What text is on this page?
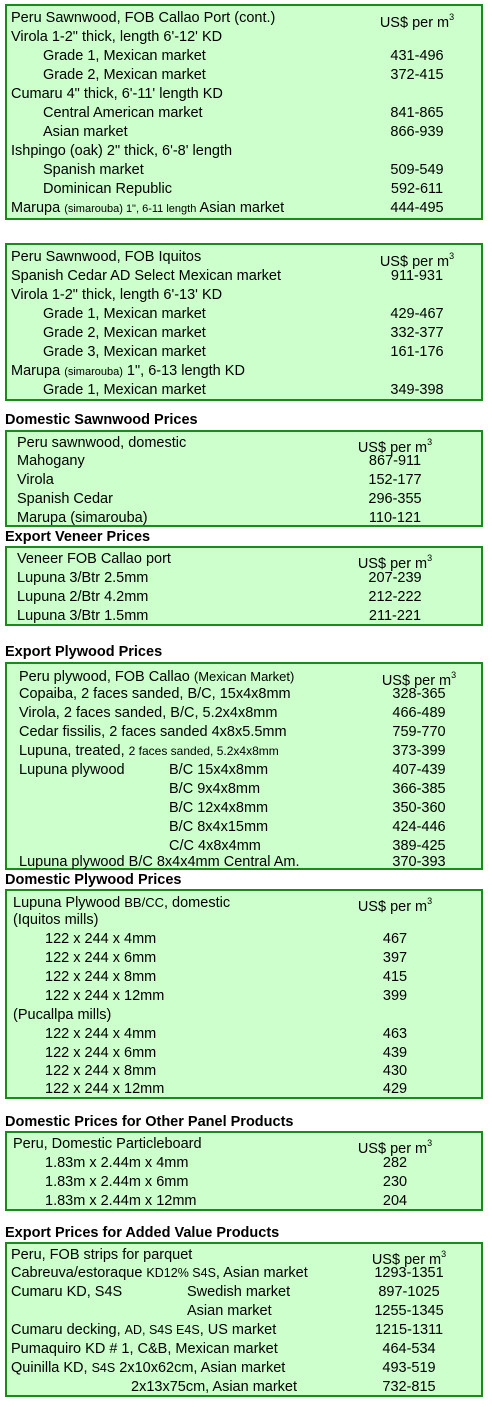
Peru Sawnwood, FOB Callao Port (cont.)	US$ per $m^3$
Virola 1-2" thick, length 6'-12' KD
Grade 1, Mexican market	431-496
Grade 2, Mexican market	372-415
Cumaru 4" thick, 6'-11' length KD
Central American market	841-865
Asian market	866-939
Ishpingo (oak) 2" thick, 6'-8' length
Spanish market	509-549
Dominican Republic	592-611
Marupa (simarouba) 1", 6-11 length Asian market	444-495
Peru Sawnwood, FOB Iquitos	US$ per $m^3$
Spanish Cedar AD Select Mexican market	911-931
Virola 1-2" thick, length 6'-13' KD
Grade 1, Mexican market	429-467
Grade 2, Mexican market	332-377
Grade 3, Mexican market	161-176
Marupa (simarouba) 1", 6-13 length KD
Grade 1, Mexican market	349-398
Domestic Sawnwood Prices
Peru sawnwood, domestic	US$ per $m^3$
Mahogany	867-911
Virola	152-177
Spanish Cedar	296-355
Marupa (simarouba)	110-121
Export Veneer Prices
Veneer FOB Callao port	US$ per $m^3$
Lupuna 3/Btr 2.5mm	207-239
Lupuna 2/Btr 4.2mm	212-222
Lupuna 3/Btr 1.5mm	211-221
Export Plywood Prices
Peru plywood, FOB Callao (Mexican Market)	US$ per $m^3$
Copaiba, 2 faces sanded, B/C, 15x4x8mm	328-365
Virola, 2 faces sanded, B/C, 5.2x4x8mm	466-489
Cedar fissilis, 2 faces sanded 4x8x5.5mm	759-770
Lupuna, treated, 2 faces sanded, 5.2x4x8mm	373-399
Lupuna plywood	B/C 15x4x8mm	407-439
B/C 9x4x8mm	366-385
B/C 12x4x8mm	350-360
B/C 8x4x15mm	424-446
C/C 4x8x4mm	389-425
Lupuna plywood B/C 8x4x4mm Central Am.	370-393
Domestic Plywood Prices
Lupuna Plywood BB/CC, domestic	US$ per $m^3$
(Iquitos mills)
122 x 244 x 4mm	467
122 x 244 x 6mm	397
122 x 244 x 8mm	415
122 x 244 x 12mm	399
(Pucallpa mills)
122 x 244 x 4mm	463
122 x 244 x 6mm	439
122 x 244 x 8mm	430
122 x 244 x 12mm	429
Domestic Prices for Other Panel Products
Peru, Domestic Particleboard	US$ per $m^3$
1.83m x 2.44m x 4mm	282
1.83m x 2.44m x 6mm	230
1.83m x 2.44m x 12mm	204
Export Prices for Added Value Products
Peru, FOB strips for parquet	US$ per $m^3$
Cabreuva/estoraque KD12% S4S, Asian market	1293-1351
Cumaru KD, S4S	Swedish market	897-1025
Asian market	1255-1345
Cumaru decking, AD, S4S E4S, US market	1215-1311
Pumaquiro KD # 1, C&B, Mexican market	464-534
Quinilla KD, S4S 2x10x62cm, Asian market	493-519
2x13x75cm, Asian market	732-815
